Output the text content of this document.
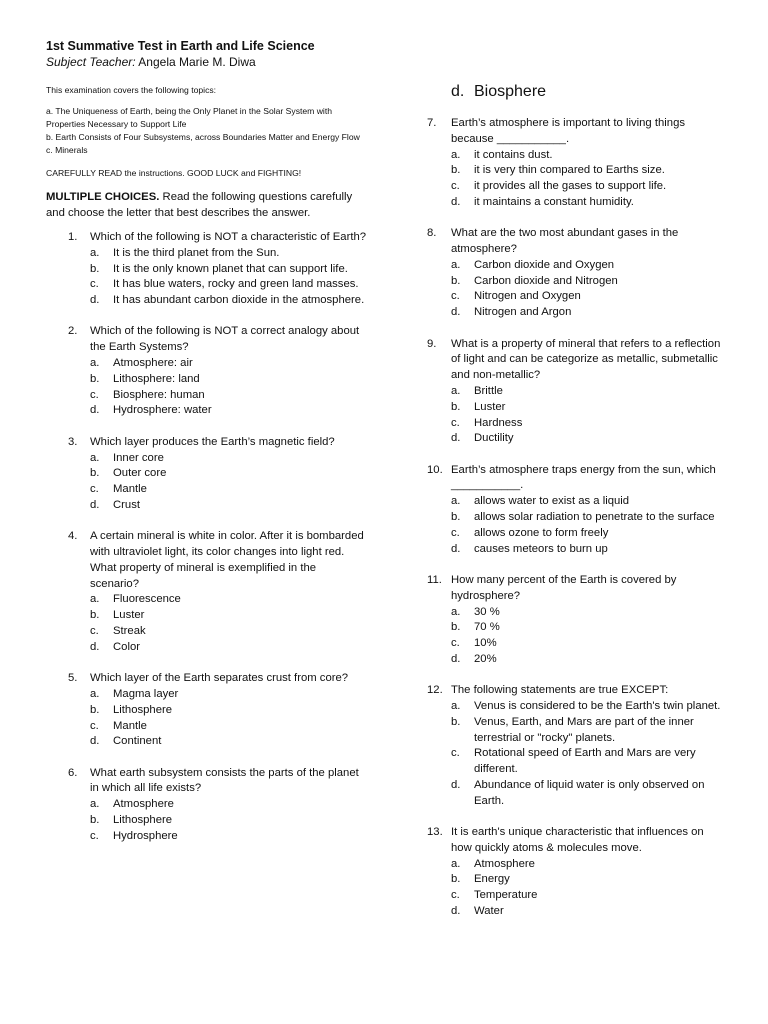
1st Summative Test in Earth and Life Science

Subject Teacher: Angela Marie M. Diwa

This examination covers the following topics:

a. The Uniqueness of Earth, being the Only Planet in the Solar System with Properties Necessary to Support Life

b. Earth Consists of Four Subsystems, across Boundaries Matter and Energy Flow

c. Minerals

CAREFULLY READ the instructions. GOOD LUCK and FIGHTING!

MULTIPLE CHOICES. Read the following questions carefully and choose the letter that best describes the answer.

1.	Which of the following is NOT a characteristic of Earth?
a.	It is the third planet from the Sun.
b.	It is the only known planet that can support life.
c.	It has blue waters, rocky and green land masses.
d.	It has abundant carbon dioxide in the atmosphere.
2.	Which of the following is NOT a correct analogy about the Earth Systems?
a.	Atmosphere: air
b.	Lithosphere: land
c.	Biosphere: human
d.	Hydrosphere: water
3.	Which layer produces the Earth’s magnetic field?
a.	Inner core
b.	Outer core
c.	Mantle
d.	Crust
4.	A certain mineral is white in color. After it is bombarded with ultraviolet light, its color changes into light red. What property of mineral is exemplified in the scenario?
a.	Fluorescence
b.	Luster
c.	Streak
d.	Color
5.	Which layer of the Earth separates crust from core?
a.	Magma layer
b.	Lithosphere
c.	Mantle
d.	Continent
6.	What earth subsystem consists the parts of the planet in which all life exists?
a.	Atmosphere
b.	Lithosphere
c.	Hydrosphere
d. Biosphere
7.	Earth’s atmosphere is important to living things because ___________.
a.	it contains dust.
b.	it is very thin compared to Earths size.
c.	it provides all the gases to support life.
d.	it maintains a constant humidity.
8.	What are the two most abundant gases in the atmosphere?
a.	Carbon dioxide and Oxygen
b.	Carbon dioxide and Nitrogen
c.	Nitrogen and Oxygen
d.	Nitrogen and Argon
9.	What is a property of mineral that refers to a reflection of light and can be categorize as metallic, submetallic and non-metallic?
a.	Brittle
b.	Luster
c.	Hardness
d.	Ductility
10. Earth’s atmosphere traps energy from the sun, which ___________.
a.	allows water to exist as a liquid
b.	allows solar radiation to penetrate to the surface
c.	allows ozone to form freely
d.	causes meteors to burn up
11. How many percent of the Earth is covered by hydrosphere?
a.	30 %
b.	70 %
c.	10%
d.	20%
12. The following statements are true EXCEPT:
a.	Venus is considered to be the Earth's twin planet.
b.	Venus, Earth, and Mars are part of the inner terrestrial or "rocky" planets.
c.	Rotational speed of Earth and Mars are very different.
d.	Abundance of liquid water is only observed on Earth.
13. It is earth's unique characteristic that influences on how quickly atoms & molecules move.
a.	Atmosphere
b.	Energy
c.	Temperature
d.	Water
